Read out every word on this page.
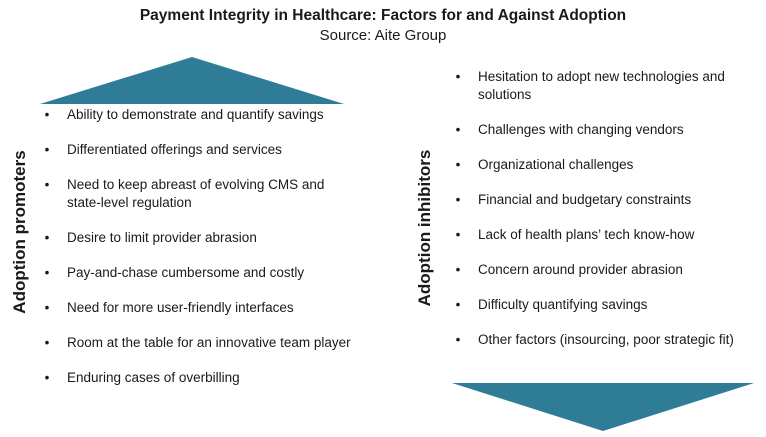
Payment Integrity in Healthcare: Factors for and Against Adoption
Source: Aite Group
Adoption promoters	Adoption inhibitors
• Ability to demonstrate and quantify savings
• Differentiated offerings and services
• Need to keep abreast of evolving CMS and state-level regulation
• Desire to limit provider abrasion
• Pay-and-chase cumbersome and costly
• Need for more user-friendly interfaces
• Room at the table for an innovative team player
• Enduring cases of overbilling
• Hesitation to adopt new technologies and solutions
• Challenges with changing vendors
• Organizational challenges
• Financial and budgetary constraints
• Lack of health plans’ tech know-how
• Concern around provider abrasion
• Difficulty quantifying savings
• Other factors (insourcing, poor strategic fit)
